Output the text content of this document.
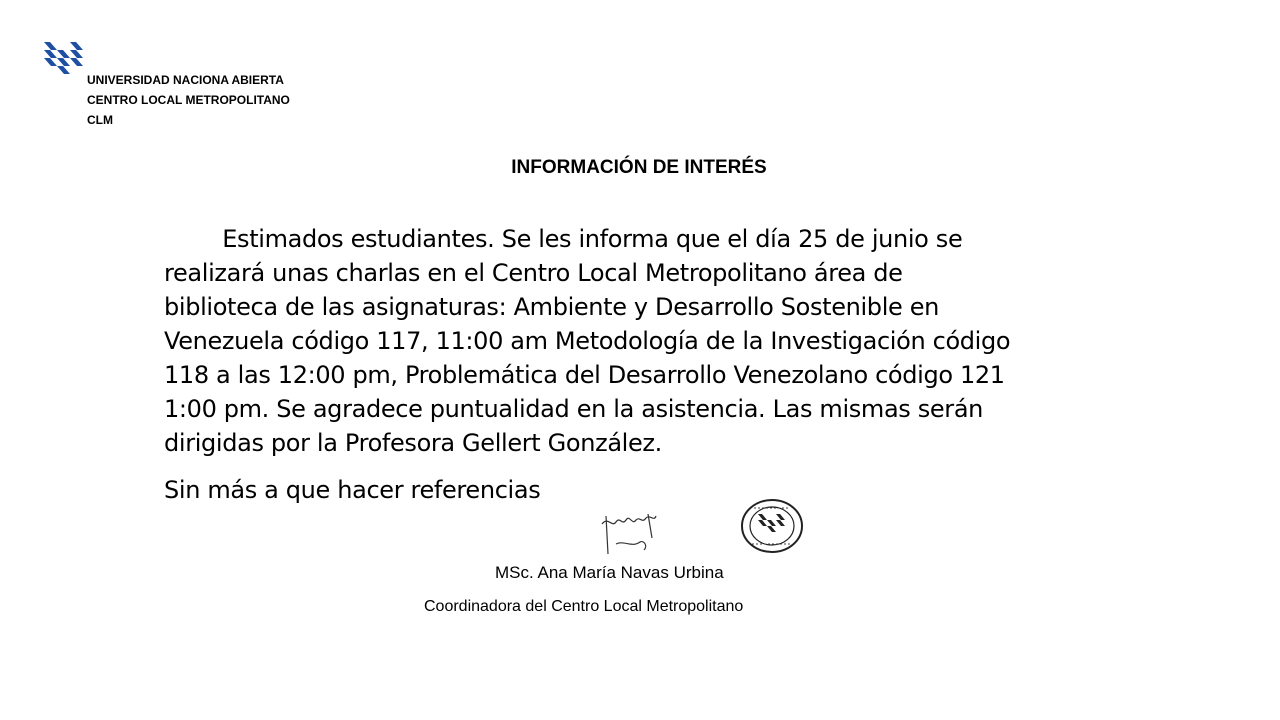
UNIVERSIDAD NACIONA ABIERTA
CENTRO LOCAL METROPOLITANO
CLM
INFORMACIÓN DE INTERÉS
Estimados estudiantes. Se les informa que el día 25 de junio se
realizará unas charlas en el Centro Local Metropolitano área de
biblioteca de las asignaturas: Ambiente y Desarrollo Sostenible en
Venezuela código 117, 11:00 am Metodología de la Investigación código
118 a las 12:00 pm, Problemática del Desarrollo Venezolano código 121
1:00 pm. Se agradece puntualidad en la asistencia. Las mismas serán
dirigidas por la Profesora Gellert González.
Sin más a que hacer referencias
MSc. Ana María Navas Urbina
Coordinadora del Centro Local Metropolitano
